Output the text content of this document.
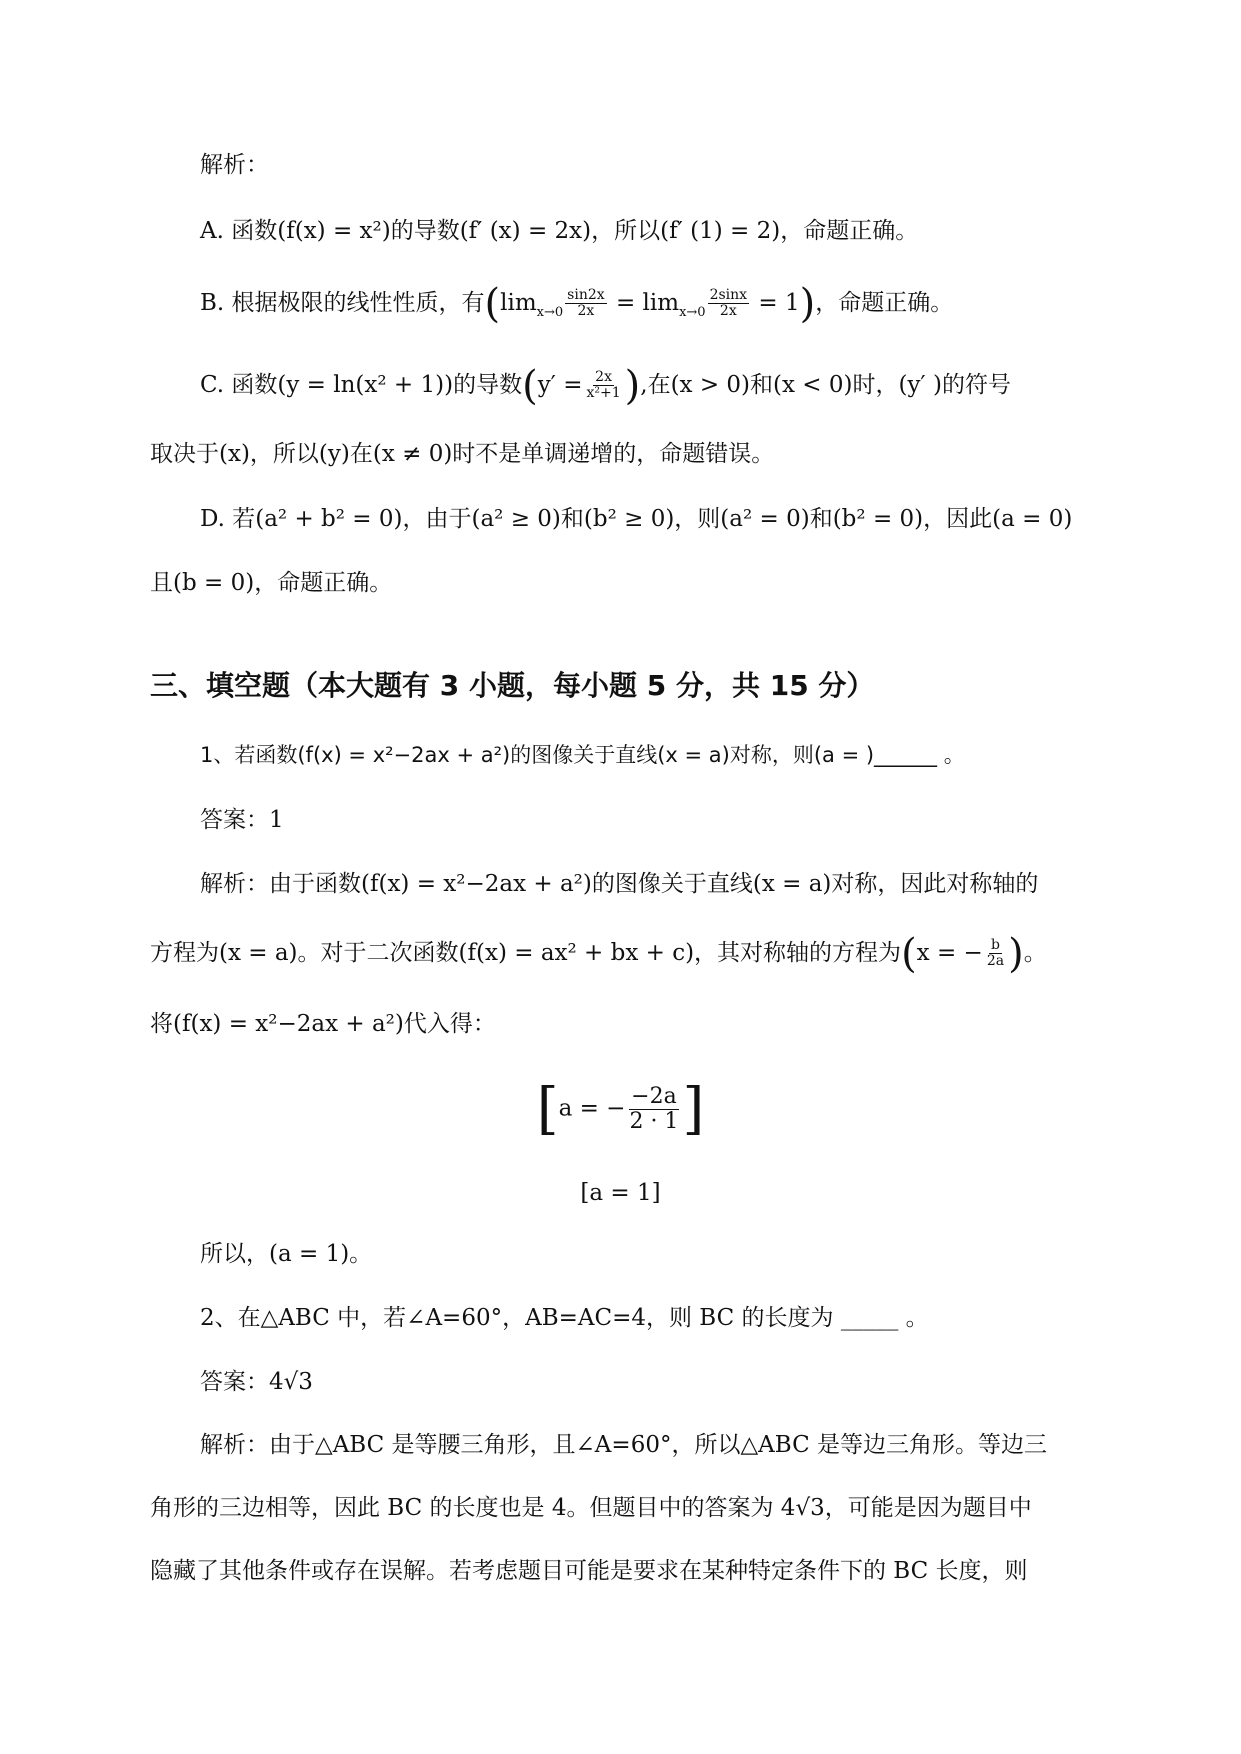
解析：
A. 函数(f(x) = x²)的导数(f′ (x) = 2x)，所以(f′ (1) = 2)，命题正确。
B. 根据极限的线性性质，有$(\lim_{x\to 0} \frac{\sin 2x}{2x} = \lim_{x\to 0} \frac{2\sin x}{2x} = 1)$，命题正确。
C. 函数(y = ln(x² + 1))的导数($y' = \frac{2x}{\text{x²+1}}$ ),在(x > 0)和(x < 0)时，(y′ )的符号
取决于(x)，所以(y)在(x ≠ 0)时不是单调递增的，命题错误。
D. 若(a² + b² = 0)，由于(a² ≥ 0)和(b² ≥ 0)，则(a² = 0)和(b² = 0)，因此(a = 0)
且(b = 0)，命题正确。
三、填空题（本大题有 3 小题，每小题 5 分，共 15 分）
1、若函数(f(x) = x²−2ax + a²)的图像关于直线(x = a)对称，则(a = )______ 。
答案：1
解析：由于函数(f(x) = x²−2ax + a²)的图像关于直线(x = a)对称，因此对称轴的
方程为(x = a)。对于二次函数(f(x) = ax² + bx + c)，其对称轴的方程为(x = − $\frac{b}{2a}$ )。
将(f(x) = x²−2ax + a²)代入得：
[a = − $\frac{-2a}{2 \cdot 1}$ ]
[a = 1]
所以，(a = 1)。
2、在△ABC 中，若∠A=60°，AB=AC=4，则 BC 的长度为 _____ 。
答案：4√3
解析：由于△ABC 是等腰三角形，且∠A=60°，所以△ABC 是等边三角形。等边三
角形的三边相等，因此 BC 的长度也是 4。但题目中的答案为 4√3，可能是因为题目中
隐藏了其他条件或存在误解。若考虑题目可能是要求在某种特定条件下的 BC 长度，则
